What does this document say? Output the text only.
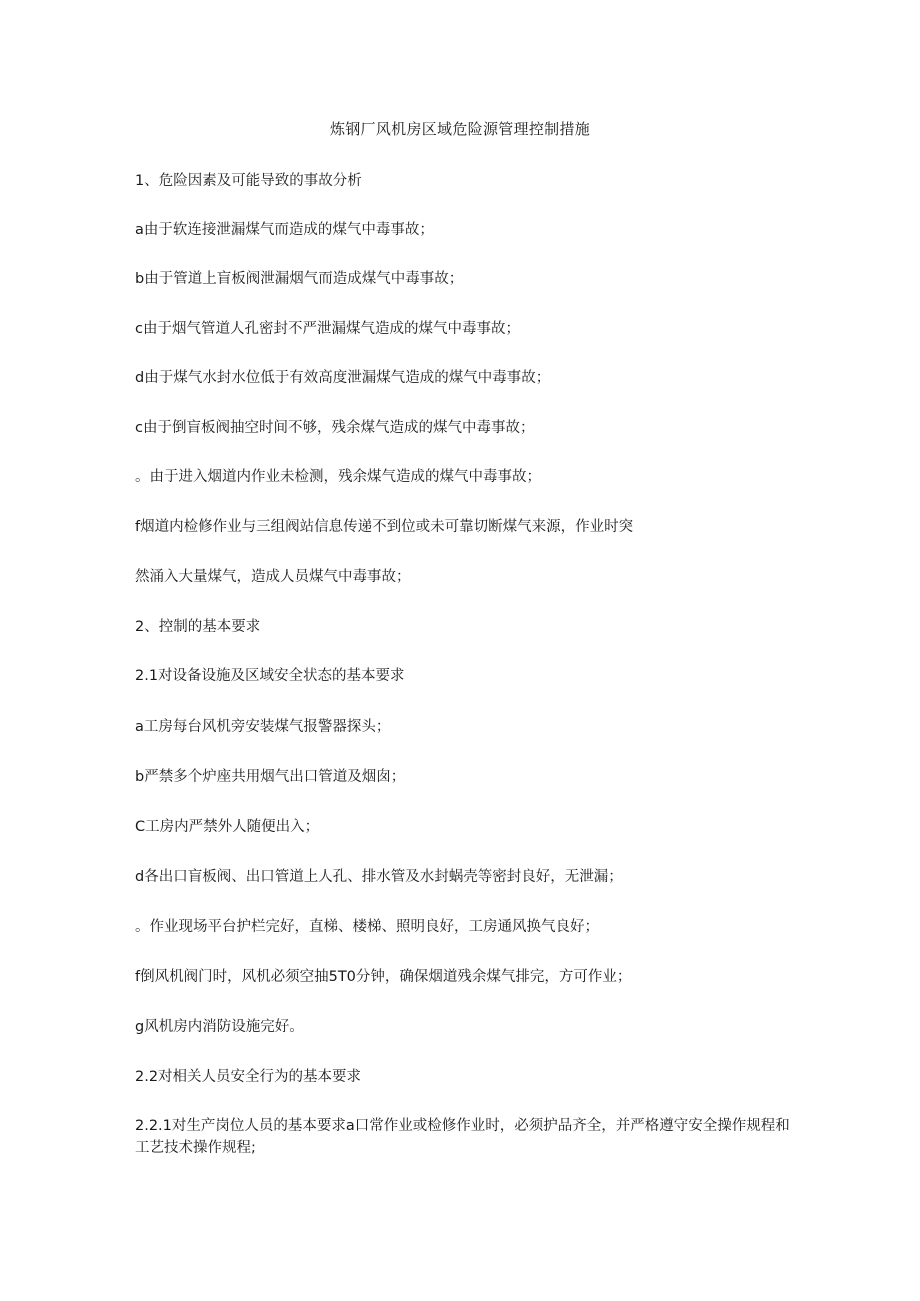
炼钢厂风机房区域危险源管理控制措施
1、危险因素及可能导致的事故分析
a由于软连接泄漏煤气而造成的煤气中毒事故；
b由于管道上盲板阀泄漏烟气而造成煤气中毒事故；
c由于烟气管道人孔密封不严泄漏煤气造成的煤气中毒事故；
d由于煤气水封水位低于有效高度泄漏煤气造成的煤气中毒事故；
c由于倒盲板阀抽空时间不够，残余煤气造成的煤气中毒事故；
。由于进入烟道内作业未检测，残余煤气造成的煤气中毒事故；
f烟道内检修作业与三组阀站信息传递不到位或未可靠切断煤气来源，作业时突
然涌入大量煤气，造成人员煤气中毒事故；
2、控制的基本要求
2.1对设备设施及区域安全状态的基本要求
a工房每台风机旁安装煤气报警器探头；
b严禁多个炉座共用烟气出口管道及烟囱；
C工房内严禁外人随便出入；
d各出口盲板阀、出口管道上人孔、排水管及水封蜗壳等密封良好，无泄漏；
。作业现场平台护栏完好，直梯、楼梯、照明良好，工房通风换气良好；
f倒风机阀门时，风机必须空抽5T0分钟，确保烟道残余煤气排完，方可作业；
g风机房内消防设施完好。
2.2对相关人员安全行为的基本要求
2.2.1对生产岗位人员的基本要求a口常作业或检修作业时，必须护品齐全，并严格遵守安全操作规程和工艺技术操作规程;
